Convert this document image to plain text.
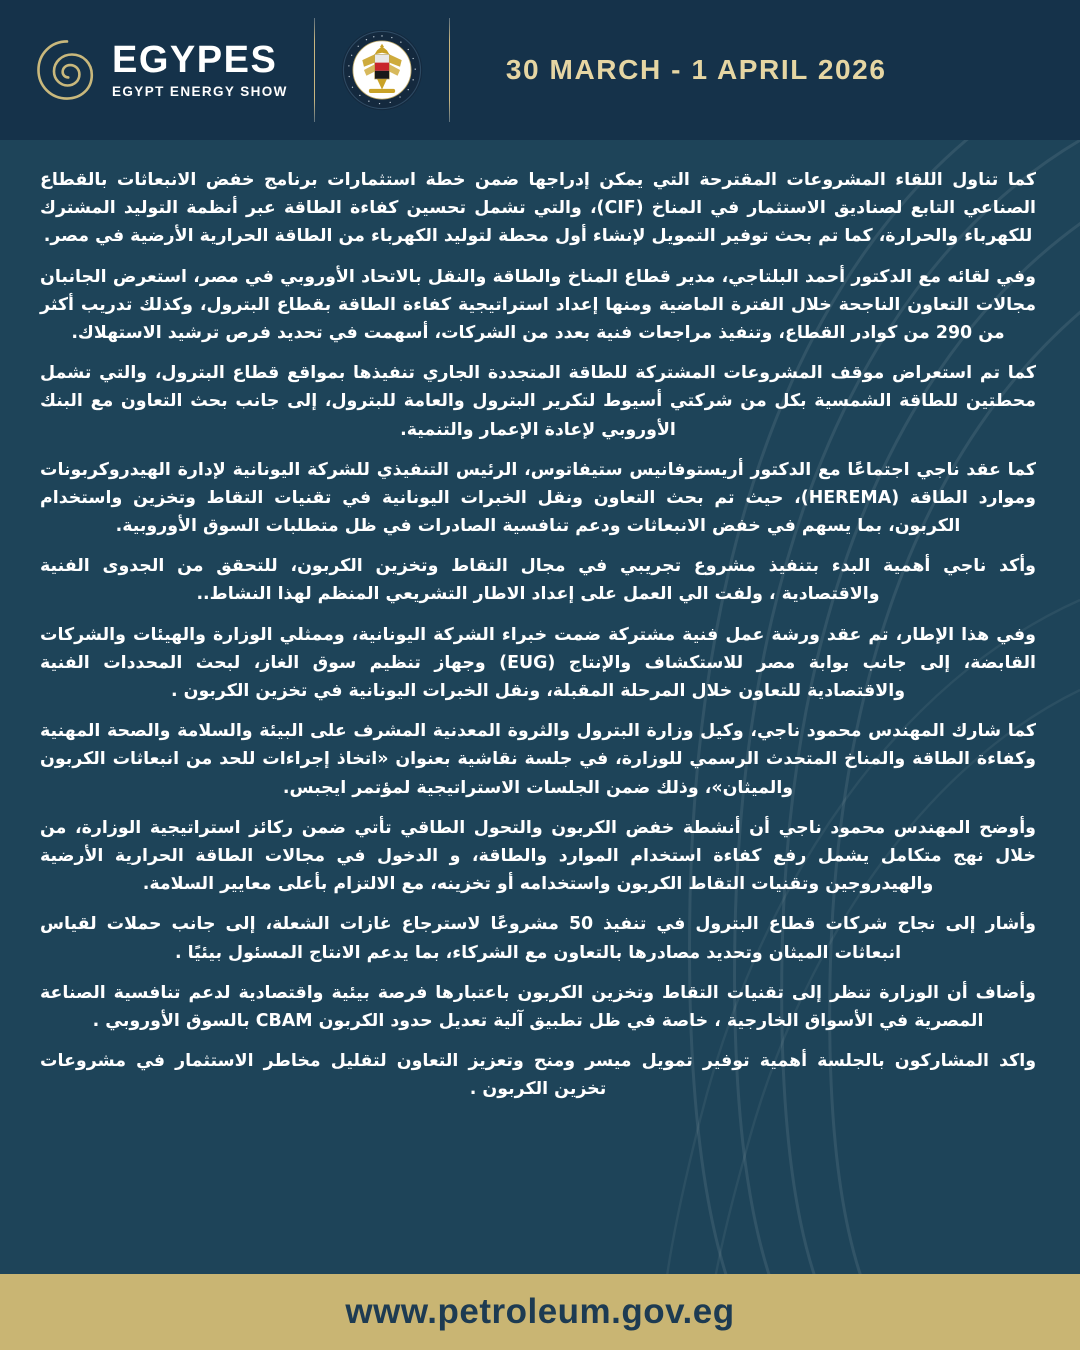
EGYPES
EGYPT ENERGY SHOW
30 MARCH - 1 APRIL 2026

كما تناول اللقاء المشروعات المقترحة التي يمكن إدراجها ضمن خطة استثمارات برنامج خفض الانبعاثات بالقطاع الصناعي التابع لصناديق الاستثمار في المناخ (CIF)، والتي تشمل تحسين كفاءة الطاقة عبر أنظمة التوليد المشترك للكهرباء والحرارة، كما تم بحث توفير التمويل لإنشاء أول محطة لتوليد الكهرباء من الطاقة الحرارية الأرضية في مصر.

وفي لقائه مع الدكتور أحمد البلتاجي، مدير قطاع المناخ والطاقة والنقل بالاتحاد الأوروبي في مصر، استعرض الجانبان مجالات التعاون الناجحة خلال الفترة الماضية ومنها إعداد استراتيجية كفاءة الطاقة بقطاع البترول، وكذلك تدريب أكثر من 290 من كوادر القطاع، وتنفيذ مراجعات فنية بعدد من الشركات، أسهمت في تحديد فرص ترشيد الاستهلاك.

كما تم استعراض موقف المشروعات المشتركة للطاقة المتجددة الجاري تنفيذها بمواقع قطاع البترول، والتي تشمل محطتين للطاقة الشمسية بكل من شركتي أسيوط لتكرير البترول والعامة للبترول، إلى جانب بحث التعاون مع البنك الأوروبي لإعادة الإعمار والتنمية.

كما عقد ناجي اجتماعًا مع الدكتور أريستوفانيس ستيفاتوس، الرئيس التنفيذي للشركة اليونانية لإدارة الهيدروكربونات وموارد الطاقة (HEREMA)، حيث تم بحث التعاون ونقل الخبرات اليونانية في تقنيات التقاط وتخزين واستخدام الكربون، بما يسهم في خفض الانبعاثات ودعم تنافسية الصادرات في ظل متطلبات السوق الأوروبية.

وأكد ناجي أهمية البدء بتنفيذ مشروع تجريبي في مجال التقاط وتخزين الكربون، للتحقق من الجدوى الفنية والاقتصادية ، ولفت الي العمل على إعداد الاطار التشريعي المنظم لهذا النشاط..

وفي هذا الإطار، تم عقد ورشة عمل فنية مشتركة ضمت خبراء الشركة اليونانية، وممثلي الوزارة والهيئات والشركات القابضة، إلى جانب بوابة مصر للاستكشاف والإنتاج (EUG) وجهاز تنظيم سوق الغاز، لبحث المحددات الفنية والاقتصادية للتعاون خلال المرحلة المقبلة، ونقل الخبرات اليونانية في تخزين الكربون .

كما شارك المهندس محمود ناجي، وكيل وزارة البترول والثروة المعدنية المشرف على البيئة والسلامة والصحة المهنية وكفاءة الطاقة والمناخ المتحدث الرسمي للوزارة، في جلسة نقاشية بعنوان «اتخاذ إجراءات للحد من انبعاثات الكربون والميثان»، وذلك ضمن الجلسات الاستراتيجية لمؤتمر ايجبس.

وأوضح المهندس محمود ناجي أن أنشطة خفض الكربون والتحول الطاقي تأتي ضمن ركائز استراتيجية الوزارة، من خلال نهج متكامل يشمل رفع كفاءة استخدام الموارد والطاقة، و الدخول في مجالات الطاقة الحرارية الأرضية والهيدروجين وتقنيات التقاط الكربون واستخدامه أو تخزينه، مع الالتزام بأعلى معايير السلامة.

وأشار إلى نجاح شركات قطاع البترول في تنفيذ 50 مشروعًا لاسترجاع غازات الشعلة، إلى جانب حملات لقياس انبعاثات الميثان وتحديد مصادرها بالتعاون مع الشركاء، بما يدعم الانتاج المسئول بيئيًا .

وأضاف أن الوزارة تنظر إلى تقنيات التقاط وتخزين الكربون باعتبارها فرصة بيئية واقتصادية لدعم تنافسية الصناعة المصرية في الأسواق الخارجية ، خاصة في ظل تطبيق آلية تعديل حدود الكربون CBAM بالسوق الأوروبي .

واكد المشاركون بالجلسة أهمية توفير تمويل ميسر ومنح وتعزيز التعاون لتقليل مخاطر الاستثمار في مشروعات تخزين الكربون .

www.petroleum.gov.eg
